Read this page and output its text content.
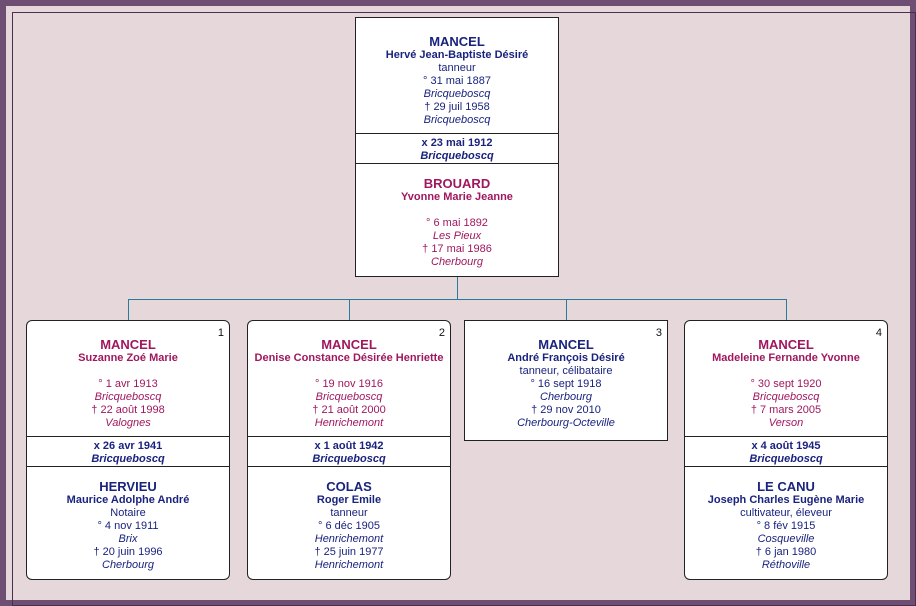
MANCEL
Hervé Jean-Baptiste Désiré
tanneur
° 31 mai 1887
Bricqueboscq
† 29 juil 1958
Bricqueboscq
x 23 mai 1912
Bricqueboscq
BROUARD
Yvonne Marie Jeanne
° 6 mai 1892
Les Pieux
† 17 mai 1986
Cherbourg
1
MANCEL
Suzanne Zoé Marie
° 1 avr 1913
Bricqueboscq
† 22 août 1998
Valognes
x 26 avr 1941
Bricqueboscq
HERVIEU
Maurice Adolphe André
Notaire
° 4 nov 1911
Brix
† 20 juin 1996
Cherbourg
2
MANCEL
Denise Constance Désirée Henriette
° 19 nov 1916
Bricqueboscq
† 21 août 2000
Henrichemont
x 1 août 1942
Bricqueboscq
COLAS
Roger Emile
tanneur
° 6 déc 1905
Henrichemont
† 25 juin 1977
Henrichemont
3
MANCEL
André François Désiré
tanneur, célibataire
° 16 sept 1918
Cherbourg
† 29 nov 2010
Cherbourg-Octeville
4
MANCEL
Madeleine Fernande Yvonne
° 30 sept 1920
Bricqueboscq
† 7 mars 2005
Verson
x 4 août 1945
Bricqueboscq
LE CANU
Joseph Charles Eugène Marie
cultivateur, éleveur
° 8 fév 1915
Cosqueville
† 6 jan 1980
Réthoville
